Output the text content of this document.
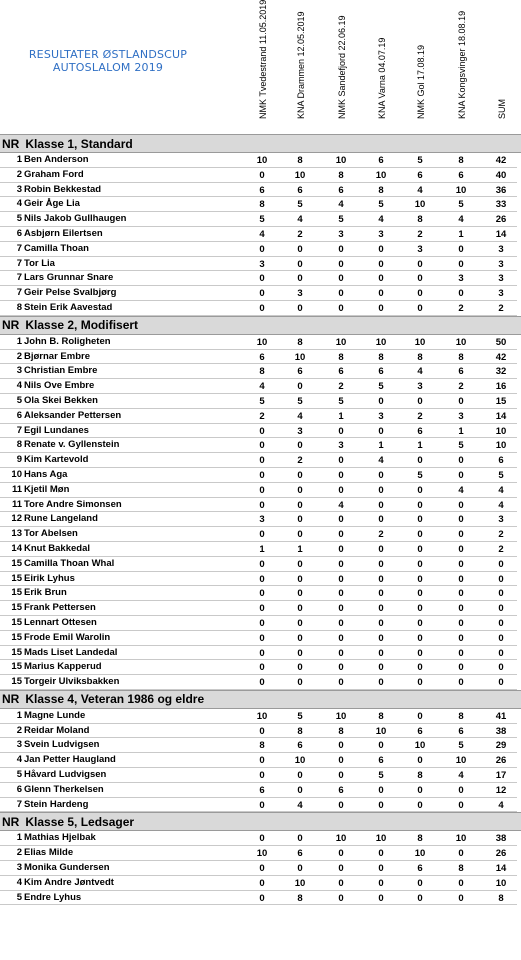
RESULTATER ØSTLANDSCUP
AUTOSLALOM 2019	NMK Tvedestrand 11.05.2019	KNA Drammen 12.05.2019	NMK Sandefjord 22.06.19	KNA Varna 04.07.19	NMK Gol 17.08.19	KNA Kongsvinger 18.08.19	SUM
NR Klasse 1, Standard
1 Ben Anderson	10	8	10	6	5	8	42
2 Graham Ford	0	10	8	10	6	6	40
3 Robin Bekkestad	6	6	6	8	4	10	36
4 Geir Åge Lia	8	5	4	5	10	5	33
5 Nils Jakob Gullhaugen	5	4	5	4	8	4	26
6 Asbjørn Eilertsen	4	2	3	3	2	1	14
7 Camilla Thoan	0	0	0	0	3	0	3
7 Tor Lia	3	0	0	0	0	0	3
7 Lars Grunnar Snare	0	0	0	0	0	3	3
7 Geir Pelse Svalbjørg	0	3	0	0	0	0	3
8 Stein Erik Aavestad	0	0	0	0	0	2	2
NR Klasse 2, Modifisert
1 John B. Roligheten	10	8	10	10	10	10	50
2 Bjørnar Embre	6	10	8	8	8	8	42
3 Christian Embre	8	6	6	6	4	6	32
4 Nils Ove Embre	4	0	2	5	3	2	16
5 Ola Skei Bekken	5	5	5	0	0	0	15
6 Aleksander Pettersen	2	4	1	3	2	3	14
7 Egil Lundanes	0	3	0	0	6	1	10
8 Renate v. Gyllenstein	0	0	3	1	1	5	10
9 Kim Kartevold	0	2	0	4	0	0	6
10 Hans Aga	0	0	0	0	5	0	5
11 Kjetil Møn	0	0	0	0	0	4	4
11 Tore Andre Simonsen	0	0	4	0	0	0	4
12 Rune Langeland	3	0	0	0	0	0	3
13 Tor Abelsen	0	0	0	2	0	0	2
14 Knut Bakkedal	1	1	0	0	0	0	2
15 Camilla Thoan Whal	0	0	0	0	0	0	0
15 Eirik Lyhus	0	0	0	0	0	0	0
15 Erik Brun	0	0	0	0	0	0	0
15 Frank Pettersen	0	0	0	0	0	0	0
15 Lennart Ottesen	0	0	0	0	0	0	0
15 Frode Emil Warolin	0	0	0	0	0	0	0
15 Mads Liset Landedal	0	0	0	0	0	0	0
15 Marius Kapperud	0	0	0	0	0	0	0
15 Torgeir Ulviksbakken	0	0	0	0	0	0	0
NR Klasse 4, Veteran 1986 og eldre
1 Magne Lunde	10	5	10	8	0	8	41
2 Reidar Moland	0	8	8	10	6	6	38
3 Svein Ludvigsen	8	6	0	0	10	5	29
4 Jan Petter Haugland	0	10	0	6	0	10	26
5 Håvard Ludvigsen	0	0	0	5	8	4	17
6 Glenn Therkelsen	6	0	6	0	0	0	12
7 Stein Hardeng	0	4	0	0	0	0	4
NR Klasse 5, Ledsager
1 Mathias Hjelbak	0	0	10	10	8	10	38
2 Elias Milde	10	6	0	0	10	0	26
3 Monika Gundersen	0	0	0	0	6	8	14
4 Kim Andre Jøntvedt	0	10	0	0	0	0	10
5 Endre Lyhus	0	8	0	0	0	0	8
